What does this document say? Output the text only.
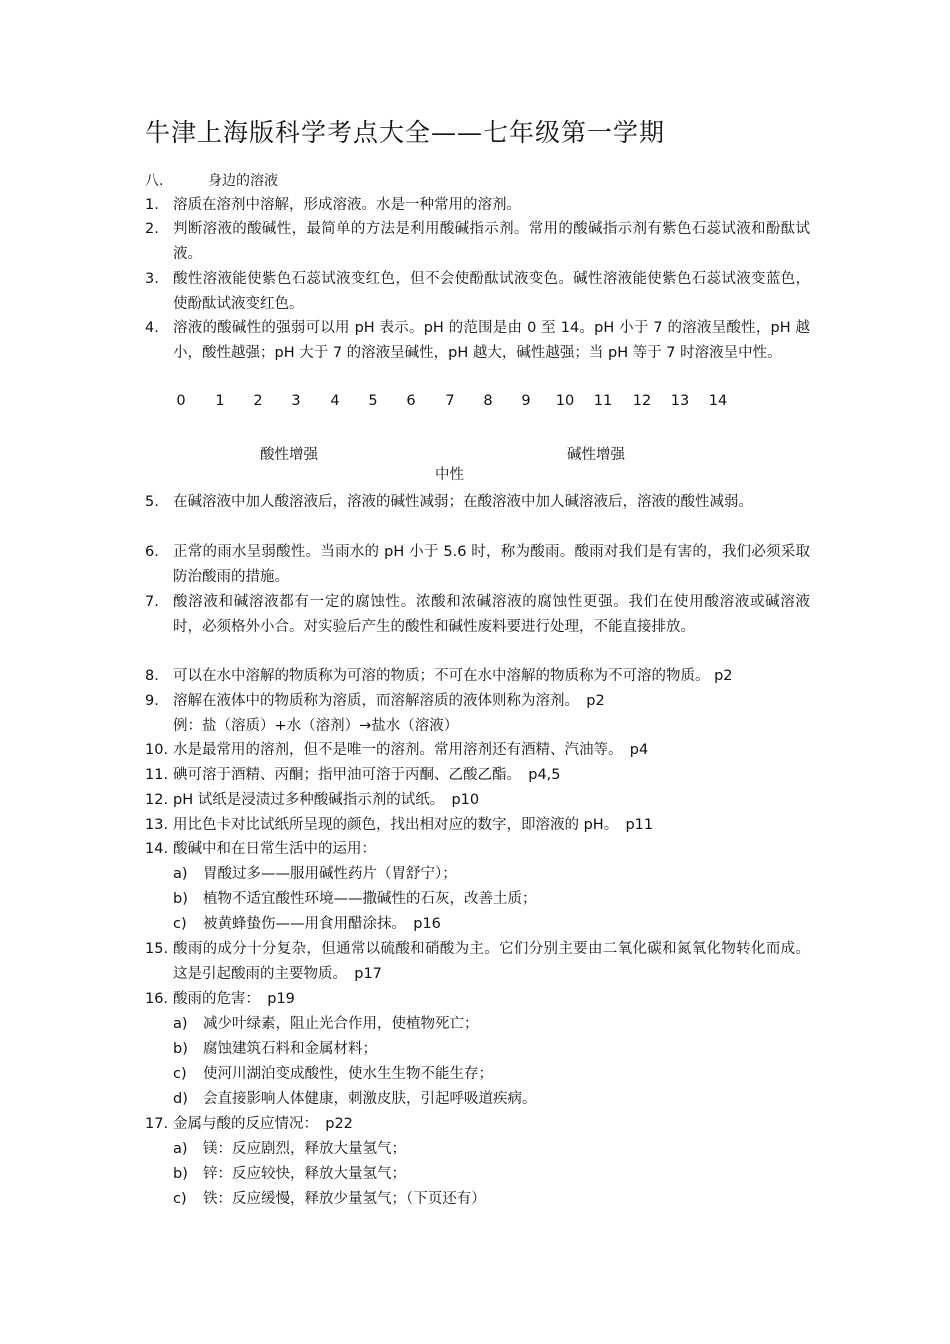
牛津上海版科学考点大全——七年级第一学期
八.	身边的溶液
1. 溶质在溶剂中溶解，形成溶液。水是一种常用的溶剂。
2. 判断溶液的酸碱性，最简单的方法是利用酸碱指示剂。常用的酸碱指示剂有紫色石蕊试液和酚酞试液。
3. 酸性溶液能使紫色石蕊试液变红色，但不会使酚酞试液变色。碱性溶液能使紫色石蕊试液变蓝色，使酚酞试液变红色。
4. 溶液的酸碱性的强弱可以用 pH 表示。pH 的范围是由 0 至 14。pH 小于 7 的溶液呈酸性，pH 越小，酸性越强；pH 大于 7 的溶液呈碱性，pH 越大，碱性越强；当 pH 等于 7 时溶液呈中性。
0 1 2 3 4 5 6 7 8 9 10 11 12 13 14
酸性增强	碱性增强
中性
5. 在碱溶液中加人酸溶液后，溶液的碱性减弱；在酸溶液中加人碱溶液后，溶液的酸性减弱。
6. 正常的雨水呈弱酸性。当雨水的 pH 小于 5.6 时，称为酸雨。酸雨对我们是有害的，我们必须采取防治酸雨的措施。
7. 酸溶液和碱溶液都有一定的腐蚀性。浓酸和浓碱溶液的腐蚀性更强。我们在使用酸溶液或碱溶液时，必须格外小合。对实验后产生的酸性和碱性废料要进行处理，不能直接排放。
8. 可以在水中溶解的物质称为可溶的物质；不可在水中溶解的物质称为不可溶的物质。 p2
9. 溶解在液体中的物质称为溶质，而溶解溶质的液体则称为溶剂。　p2
例：盐（溶质）+水（溶剂）→盐水（溶液）
10. 水是最常用的溶剂，但不是唯一的溶剂。常用溶剂还有酒精、汽油等。　p4
11. 碘可溶于酒精、丙酮；指甲油可溶于丙酮、乙酸乙酯。　p4,5
12. pH 试纸是浸渍过多种酸碱指示剂的试纸。　p10
13. 用比色卡对比试纸所呈现的颜色，找出相对应的数字，即溶液的 pH。　p11
14. 酸碱中和在日常生活中的运用：
a) 胃酸过多——服用碱性药片（胃舒宁）；
b) 植物不适宜酸性环境——撒碱性的石灰，改善土质；
c) 被黄蜂蛰伤——用食用醋涂抹。　p16
15. 酸雨的成分十分复杂，但通常以硫酸和硝酸为主。它们分别主要由二氧化碳和氮氧化物转化而成。这是引起酸雨的主要物质。　p17
16. 酸雨的危害：　p19
a) 减少叶绿素，阻止光合作用，使植物死亡；
b) 腐蚀建筑石料和金属材料；
c) 使河川湖泊变成酸性，使水生生物不能生存；
d) 会直接影响人体健康，刺激皮肤，引起呼吸道疾病。
17. 金属与酸的反应情况：　p22
a) 镁：反应剧烈，释放大量氢气；
b) 锌：反应较快，释放大量氢气；
c) 铁：反应缓慢，释放少量氢气；（下页还有）
